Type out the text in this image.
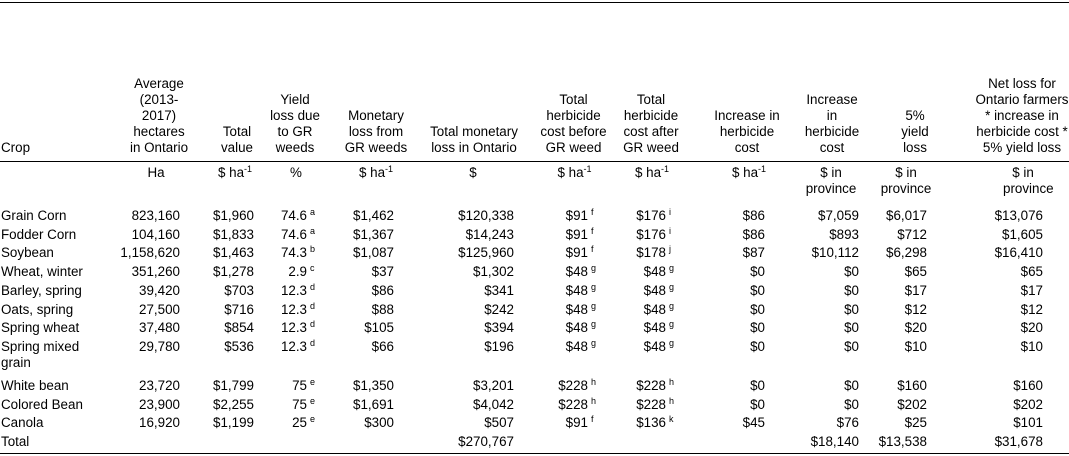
Crop	Average (2013-2017) hectares in Ontario	Total value	Yield loss due to GR weeds	Monetary loss from GR weeds	Total monetary loss in Ontario	Total herbicide cost before GR weed	Total herbicide cost after GR weed	Increase in herbicide cost	Increase in herbicide cost	5% yield loss	Net loss for Ontario farmers * increase in herbicide cost * 5% yield loss
	Ha	$ $ha^{-1}$	%	$ $ha^{-1}$	$	$ $ha^{-1}$	$ $ha^{-1}$	$ $ha^{-1}$	$ in province	$ in province	$ in province
Grain Corn	823,160	$1,960	74.6 $^a$	$1,462	$120,338	$91 $^f$	$176 $^i$	$86	$7,059	$6,017	$13,076
Fodder Corn	104,160	$1,833	74.6 $^a$	$1,367	$14,243	$91 $^f$	$176 $^i$	$86	$893	$712	$1,605
Soybean	1,158,620	$1,463	74.3 $^b$	$1,087	$125,960	$91 $^f$	$178 $^j$	$87	$10,112	$6,298	$16,410
Wheat, winter	351,260	$1,278	2.9 $^c$	$37	$1,302	$48 $^g$	$48 $^g$	$0	$0	$65	$65
Barley, spring	39,420	$703	12.3 $^d$	$86	$341	$48 $^g$	$48 $^g$	$0	$0	$17	$17
Oats, spring	27,500	$716	12.3 $^d$	$88	$242	$48 $^g$	$48 $^g$	$0	$0	$12	$12
Spring wheat	37,480	$854	12.3 $^d$	$105	$394	$48 $^g$	$48 $^g$	$0	$0	$20	$20
Spring mixed grain	29,780	$536	12.3 $^d$	$66	$196	$48 $^g$	$48 $^g$	$0	$0	$10	$10
White bean	23,720	$1,799	75 $^e$	$1,350	$3,201	$228 $^h$	$228 $^h$	$0	$0	$160	$160
Colored Bean	23,900	$2,255	75 $^e$	$1,691	$4,042	$228 $^h$	$228 $^h$	$0	$0	$202	$202
Canola	16,920	$1,199	25 $^e$	$300	$507	$91 $^f$	$136 $^k$	$45	$76	$25	$101
Total					$270,767				$18,140	$13,538	$31,678
